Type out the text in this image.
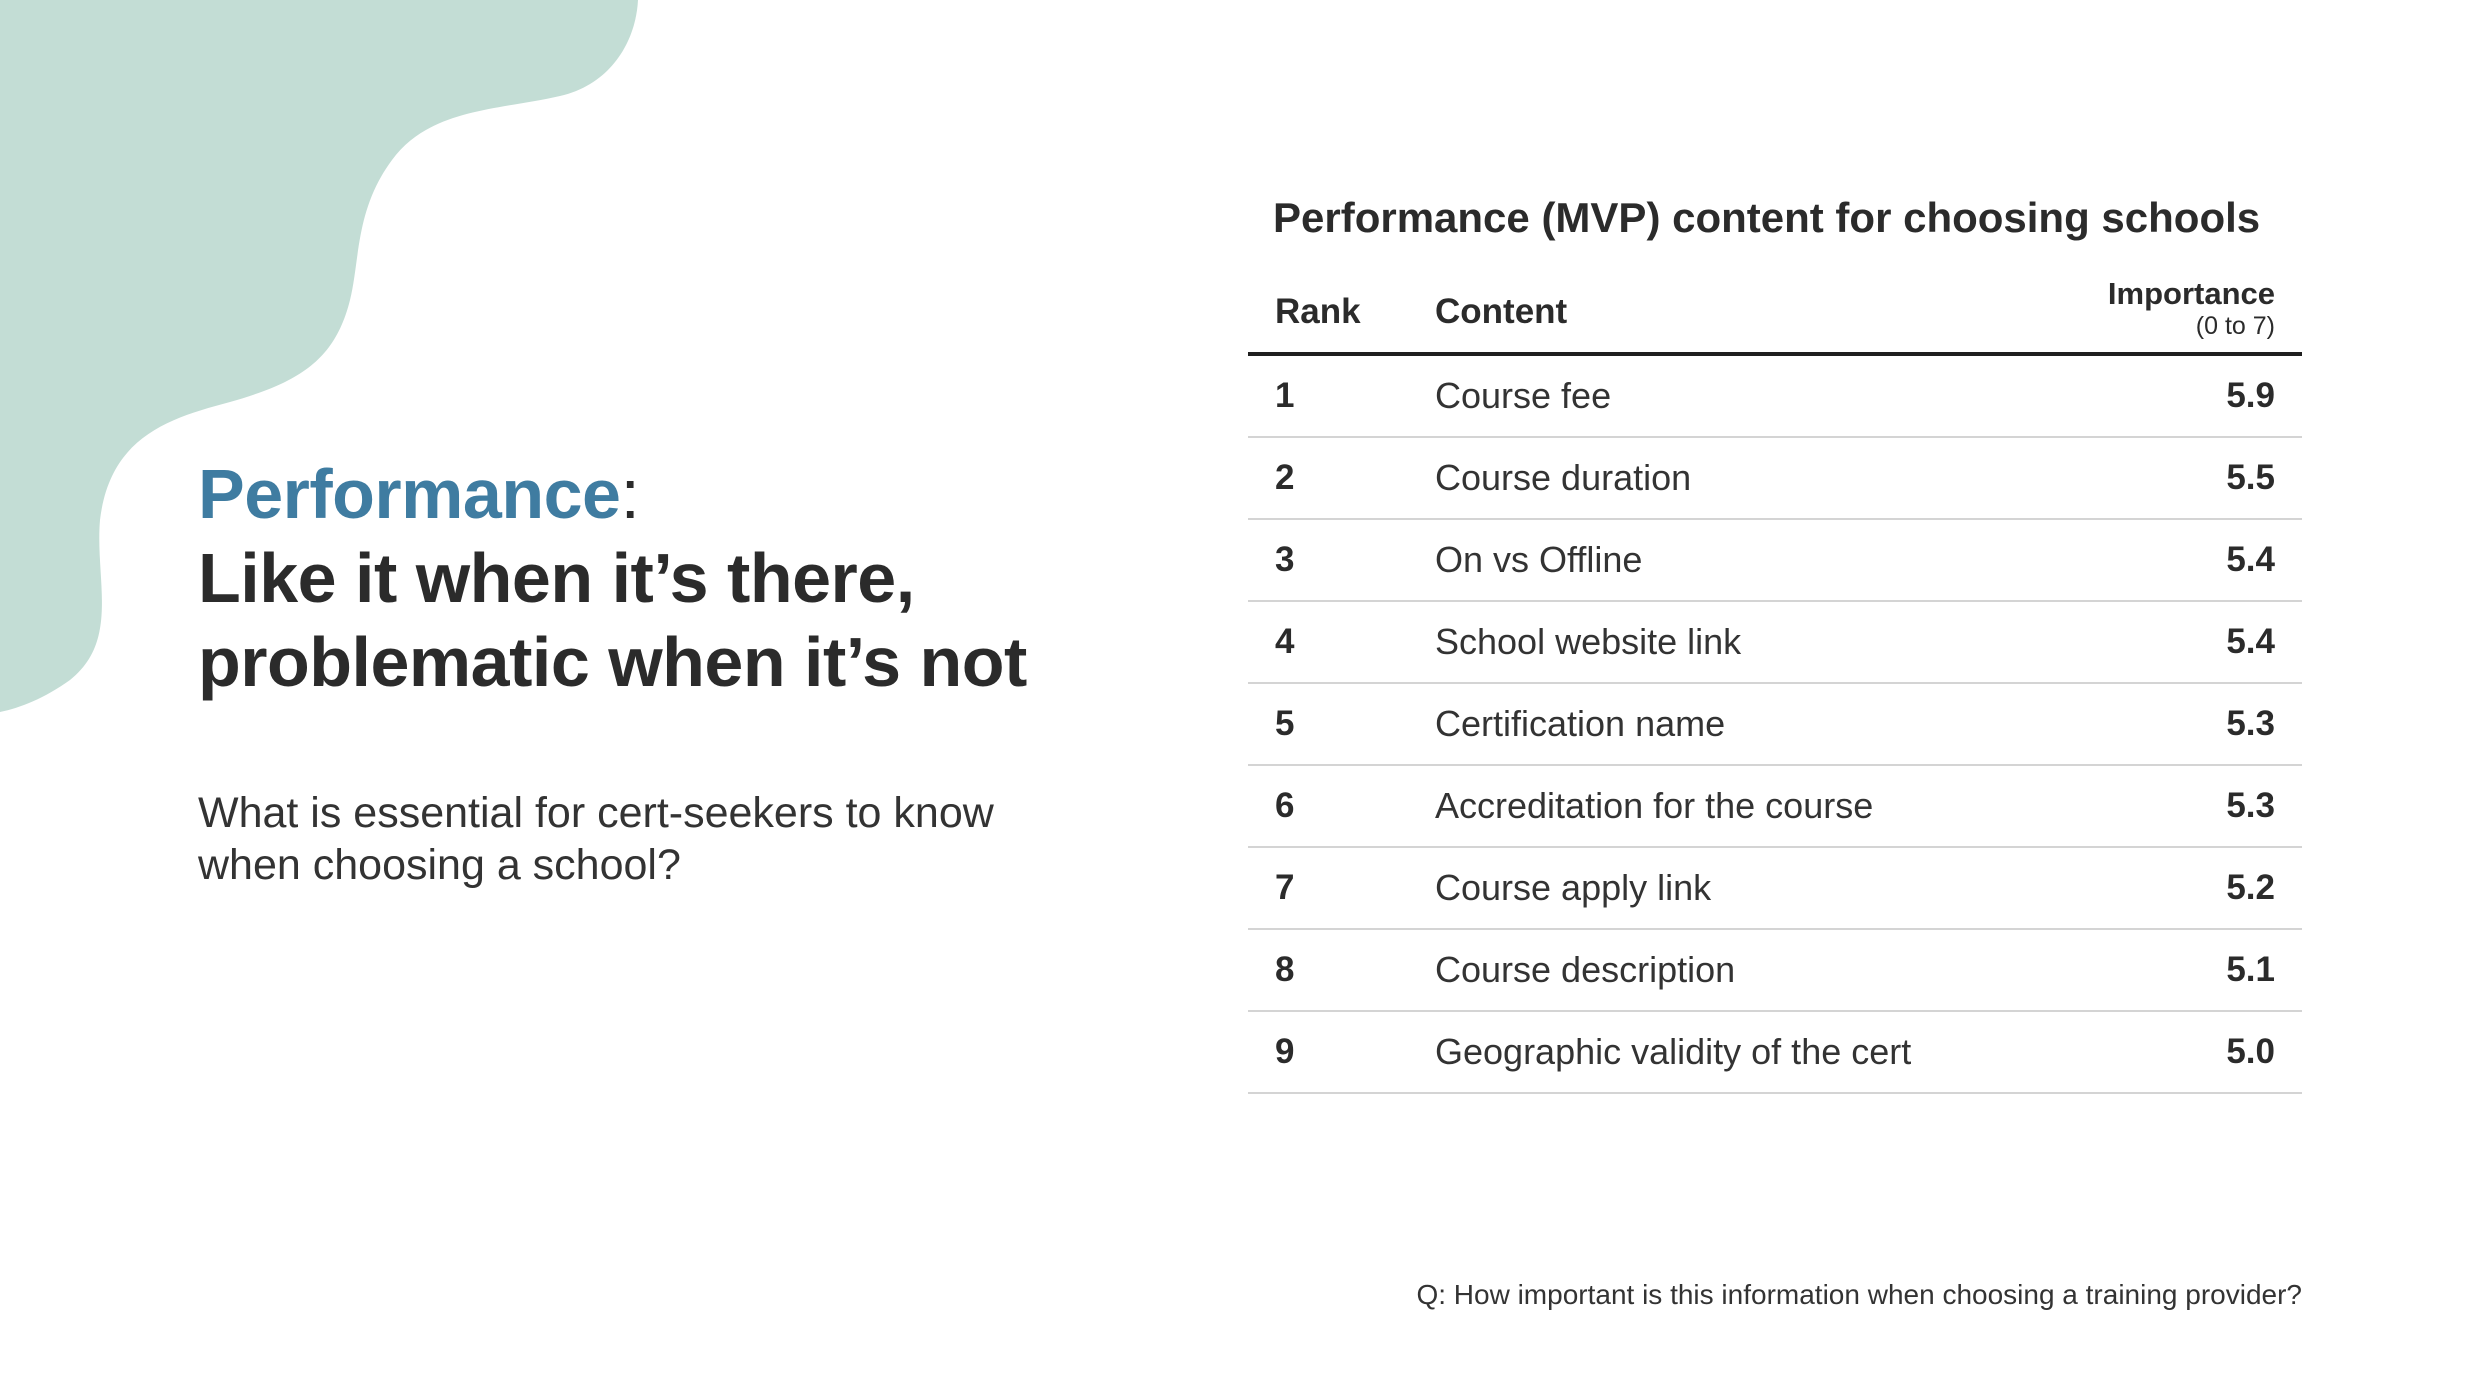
Performance:
Like it when it’s there,
problematic when it’s not

What is essential for cert-seekers to know
when choosing a school?

Performance (MVP) content for choosing schools
Rank	Content	Importance
(0 to 7)

1	Course fee	5.9
2	Course duration	5.5
3	On vs Offline	5.4
4	School website link	5.4
5	Certification name	5.3
6	Accreditation for the course	5.3
7	Course apply link	5.2
8	Course description	5.1
9	Geographic validity of the cert	5.0
Q: How important is this information when choosing a training provider?
